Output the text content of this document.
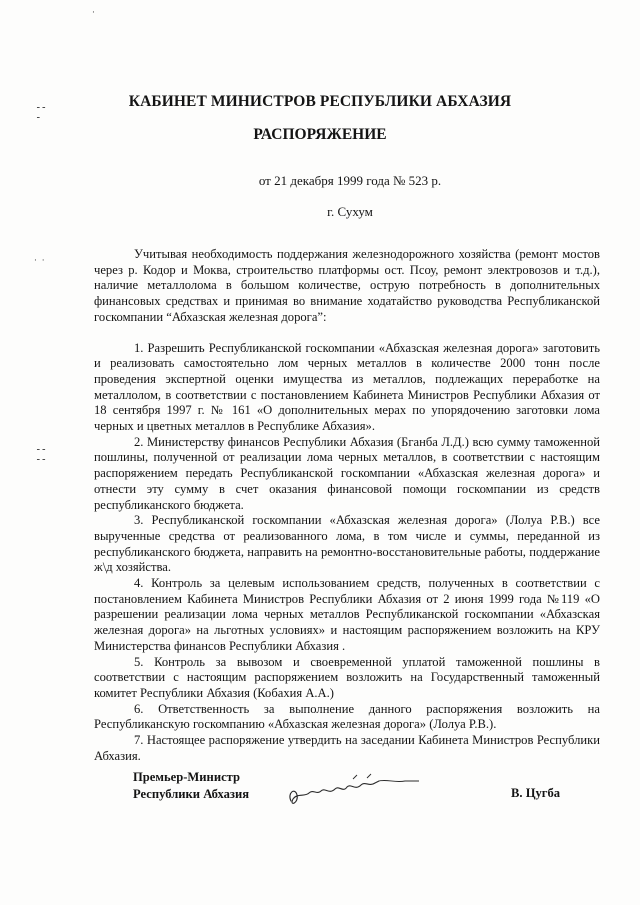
·
⁃⁃
⁃
· ·
⁃⁃
⁃⁃
КАБИНЕТ МИНИСТРОВ РЕСПУБЛИКИ АБХАЗИЯ
РАСПОРЯЖЕНИЕ
от 21 декабря 1999 года № 523 р.
г. Сухум

Учитывая необходимость поддержания железнодорожного хозяйства (ремонт мостов через р. Кодор и Моква, строительство платформы ост. Псоу, ремонт электровозов и т.д.), наличие металлолома в большом количестве, острую потребность в дополнительных финансовых средствах и принимая во внимание ходатайство руководства Республиканской госкомпании “Абхазская железная дорога”:

1. Разрешить Республиканской госкомпании «Абхазская железная дорога» заготовить и реализовать самостоятельно лом черных металлов в количестве 2000 тонн после проведения экспертной оценки имущества из металлов, подлежащих переработке на металлолом, в соответствии с постановлением Кабинета Министров Республики Абхазия от 18 сентября 1997 г. № 161 «О дополнительных мерах по упорядочению заготовки лома черных и цветных металлов в Республике Абхазия».

2. Министерству финансов Республики Абхазия (Бганба Л.Д.) всю сумму таможенной пошлины, полученной от реализации лома черных металлов, в соответствии с настоящим распоряжением передать Республиканской госкомпании «Абхазская железная дорога» и отнести эту сумму в счет оказания финансовой помощи госкомпании из средств республиканского бюджета.

3. Республиканской госкомпании «Абхазская железная дорога» (Лолуа Р.В.) все вырученные средства от реализованного лома, в том числе и суммы, переданной из республиканского бюджета, направить на ремонтно-восстановительные работы, поддержание ж\д хозяйства.

4. Контроль за целевым использованием средств, полученных в соответствии с постановлением Кабинета Министров Республики Абхазия от 2 июня 1999 года №119 «О разрешении реализации лома черных металлов Республиканской госкомпании «Абхазская железная дорога» на льготных условиях» и настоящим распоряжением возложить на КРУ Министерства финансов Республики Абхазия .

5. Контроль за вывозом и своевременной уплатой таможенной пошлины в соответствии с настоящим распоряжением возложить на Государственный таможенный комитет Республики Абхазия (Кобахия А.А.)

6. Ответственность за выполнение данного распоряжения возложить на Республиканскую госкомпанию «Абхазская железная дорога» (Лолуа Р.В.).

7. Настоящее распоряжение утвердить на заседании Кабинета Министров Республики Абхазия.

Премьер-Министр
Республики Абхазия	В. Цугба
